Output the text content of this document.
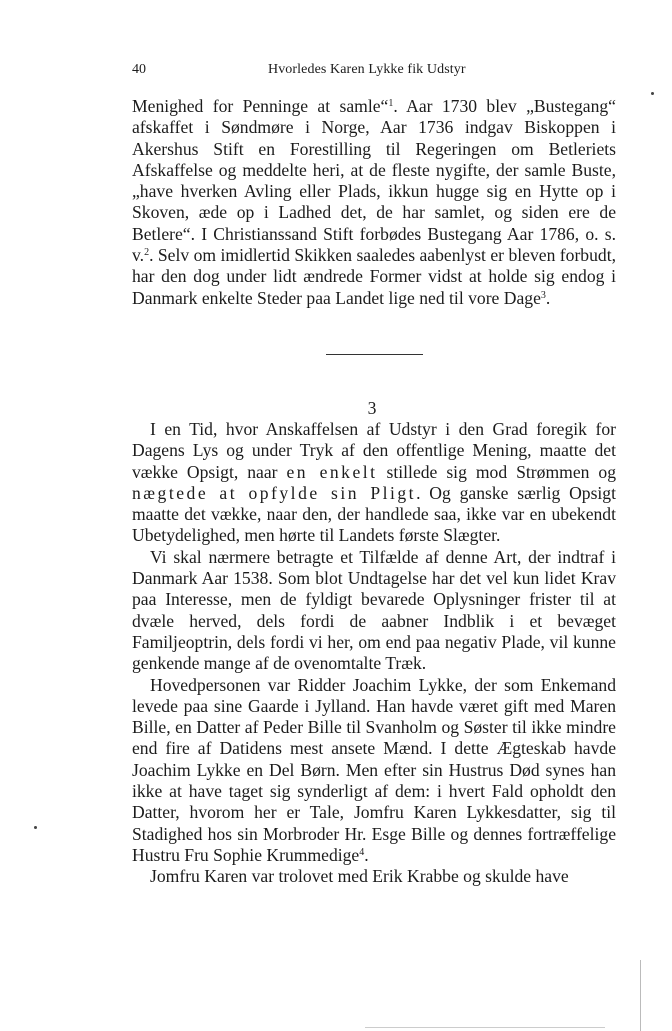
40	Hvorledes Karen Lykke fik Udstyr

Menighed for Penninge at samle“$^1$. Aar 1730 blev „Bustegang“ afskaffet i Søndmøre i Norge, Aar 1736 indgav Biskoppen i Akershus Stift en Forestilling til Regeringen om Betleriets Afskaffelse og meddelte heri, at de fleste nygifte, der samle Buste, „have hverken Avling eller Plads, ikkun hugge sig en Hytte op i Skoven, æde op i Ladhed det, de har samlet, og siden ere de Betlere“. I Christianssand Stift forbødes Bustegang Aar 1786, o. s. v.$^2$. Selv om imidlertid Skikken saaledes aabenlyst er bleven forbudt, har den dog under lidt ændrede Former vidst at holde sig endog i Danmark enkelte Steder paa Landet lige ned til vore Dage$^3$.

3

I en Tid, hvor Anskaffelsen af Udstyr i den Grad foregik for Dagens Lys og under Tryk af den offentlige Mening, maatte det vække Opsigt, naar en enkelt stillede sig mod Strømmen og nægtede at opfylde sin Pligt. Og ganske særlig Opsigt maatte det vække, naar den, der handlede saa, ikke var en ubekendt Ubetydelighed, men hørte til Landets første Slægter.

Vi skal nærmere betragte et Tilfælde af denne Art, der indtraf i Danmark Aar 1538. Som blot Undtagelse har det vel kun lidet Krav paa Interesse, men de fyldigt bevarede Oplysninger frister til at dvæle herved, dels fordi de aabner Indblik i et bevæget Familjeoptrin, dels fordi vi her, om end paa negativ Plade, vil kunne genkende mange af de ovenomtalte Træk.

Hovedpersonen var Ridder Joachim Lykke, der som Enkemand levede paa sine Gaarde i Jylland. Han havde været gift med Maren Bille, en Datter af Peder Bille til Svanholm og Søster til ikke mindre end fire af Datidens mest ansete Mænd. I dette Ægteskab havde Joachim Lykke en Del Børn. Men efter sin Hustrus Død synes han ikke at have taget sig synderligt af dem: i hvert Fald opholdt den Datter, hvorom her er Tale, Jomfru Karen Lykkesdatter, sig til Stadighed hos sin Morbroder Hr. Esge Bille og dennes fortræffelige Hustru Fru Sophie Krummedige$^4$.

Jomfru Karen var trolovet med Erik Krabbe og skulde have
